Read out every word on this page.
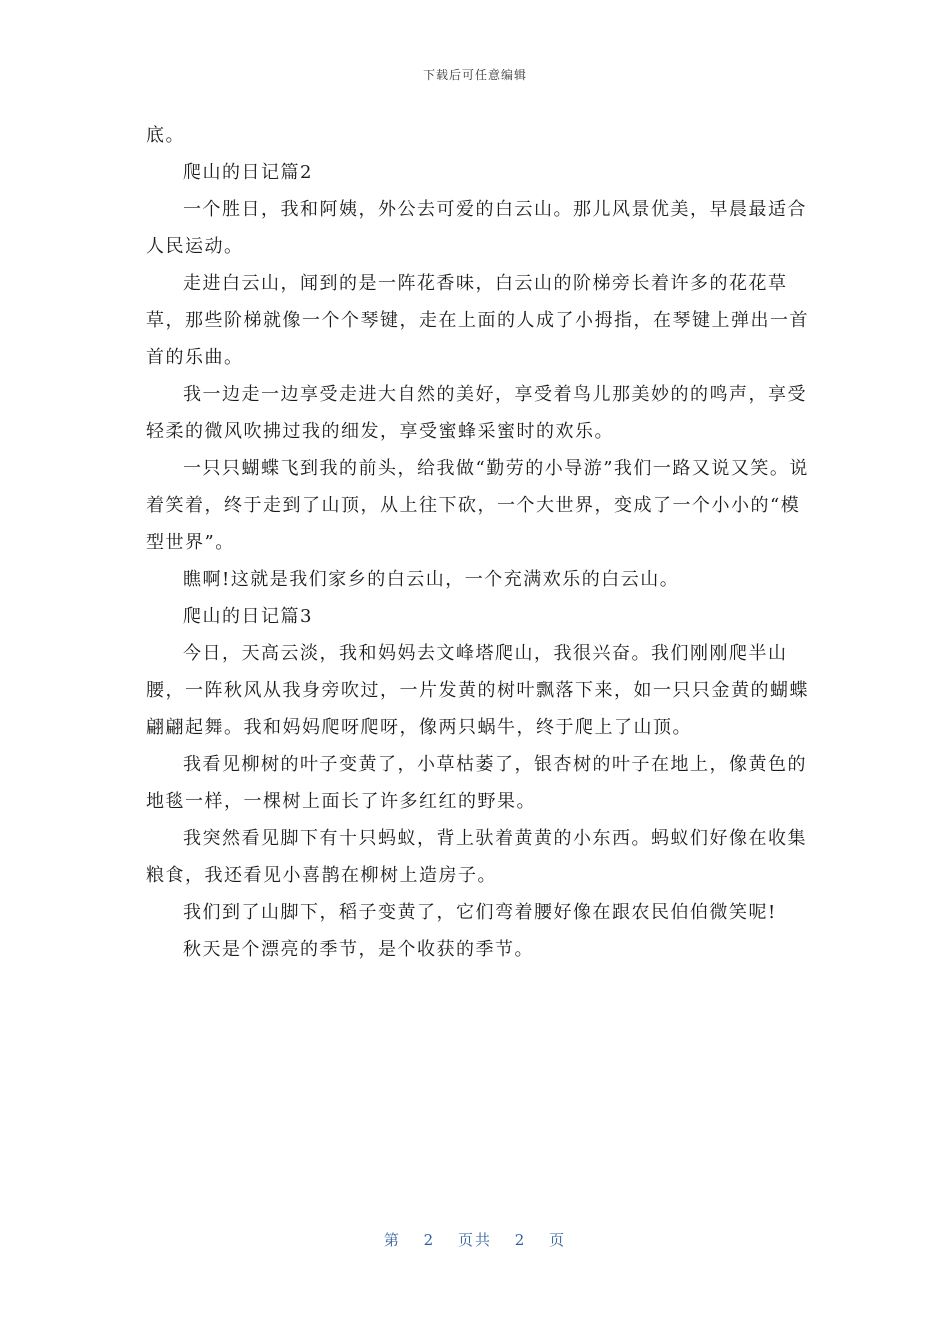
下载后可任意编辑

底。

爬山的日记篇2

一个胜日，我和阿姨，外公去可爱的白云山。那儿风景优美，早晨最适合人民运动。

走进白云山，闻到的是一阵花香味，白云山的阶梯旁长着许多的花花草草，那些阶梯就像一个个琴键，走在上面的人成了小拇指，在琴键上弹出一首首的乐曲。

我一边走一边享受走进大自然的美好，享受着鸟儿那美妙的的鸣声，享受轻柔的微风吹拂过我的细发，享受蜜蜂采蜜时的欢乐。

一只只蝴蝶飞到我的前头，给我做“勤劳的小导游”我们一路又说又笑。说着笑着，终于走到了山顶，从上往下砍，一个大世界，变成了一个小小的“模型世界”。

瞧啊!这就是我们家乡的白云山，一个充满欢乐的白云山。

爬山的日记篇3

今日，天高云淡，我和妈妈去文峰塔爬山，我很兴奋。我们刚刚爬半山腰，一阵秋风从我身旁吹过，一片发黄的树叶飘落下来，如一只只金黄的蝴蝶翩翩起舞。我和妈妈爬呀爬呀，像两只蜗牛，终于爬上了山顶。

我看见柳树的叶子变黄了，小草枯萎了，银杏树的叶子在地上，像黄色的地毯一样，一棵树上面长了许多红红的野果。

我突然看见脚下有十只蚂蚁，背上驮着黄黄的小东西。蚂蚁们好像在收集粮食，我还看见小喜鹊在柳树上造房子。

我们到了山脚下，稻子变黄了，它们弯着腰好像在跟农民伯伯微笑呢!

秋天是个漂亮的季节，是个收获的季节。

第 2 页共 2 页
